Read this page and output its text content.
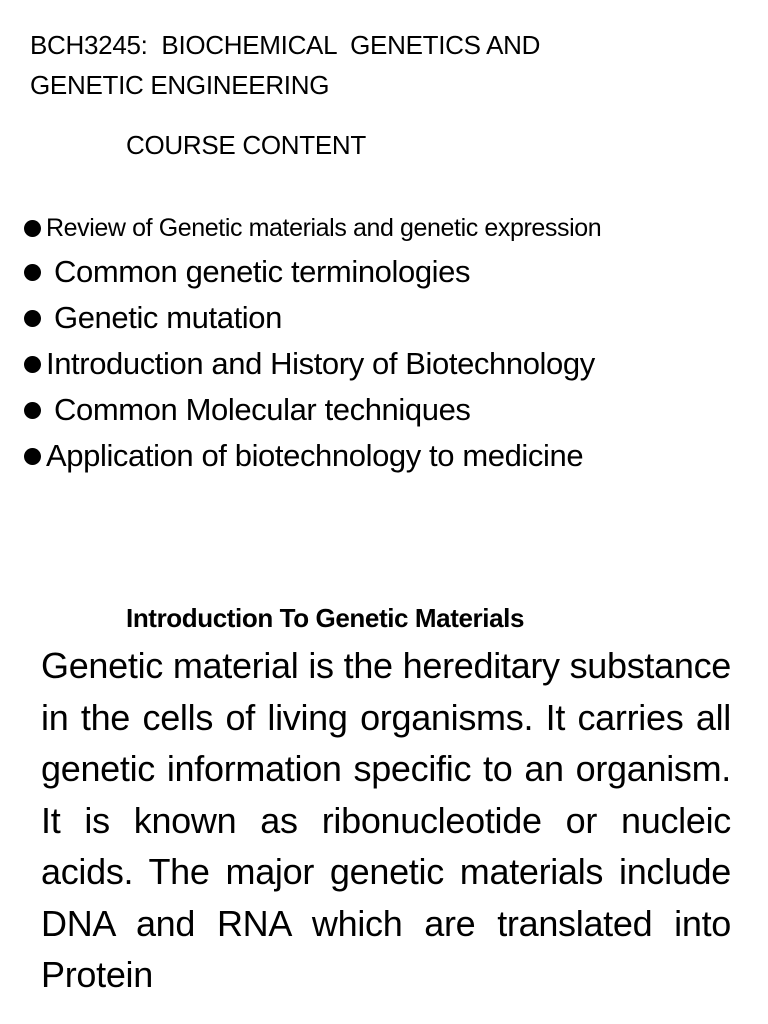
BCH3245:  BIOCHEMICAL  GENETICS AND
GENETIC ENGINEERING
COURSE CONTENT
Review of Genetic materials and genetic expression
Common genetic terminologies
Genetic mutation
Introduction and History of Biotechnology
Common Molecular techniques
Application of biotechnology to medicine
Introduction To Genetic Materials

Genetic material is the hereditary substance in the cells of living organisms. It carries all genetic information specific to an organism. It is known as ribonucleotide or nucleic acids. The major genetic materials include DNA and RNA which are translated into Protein
